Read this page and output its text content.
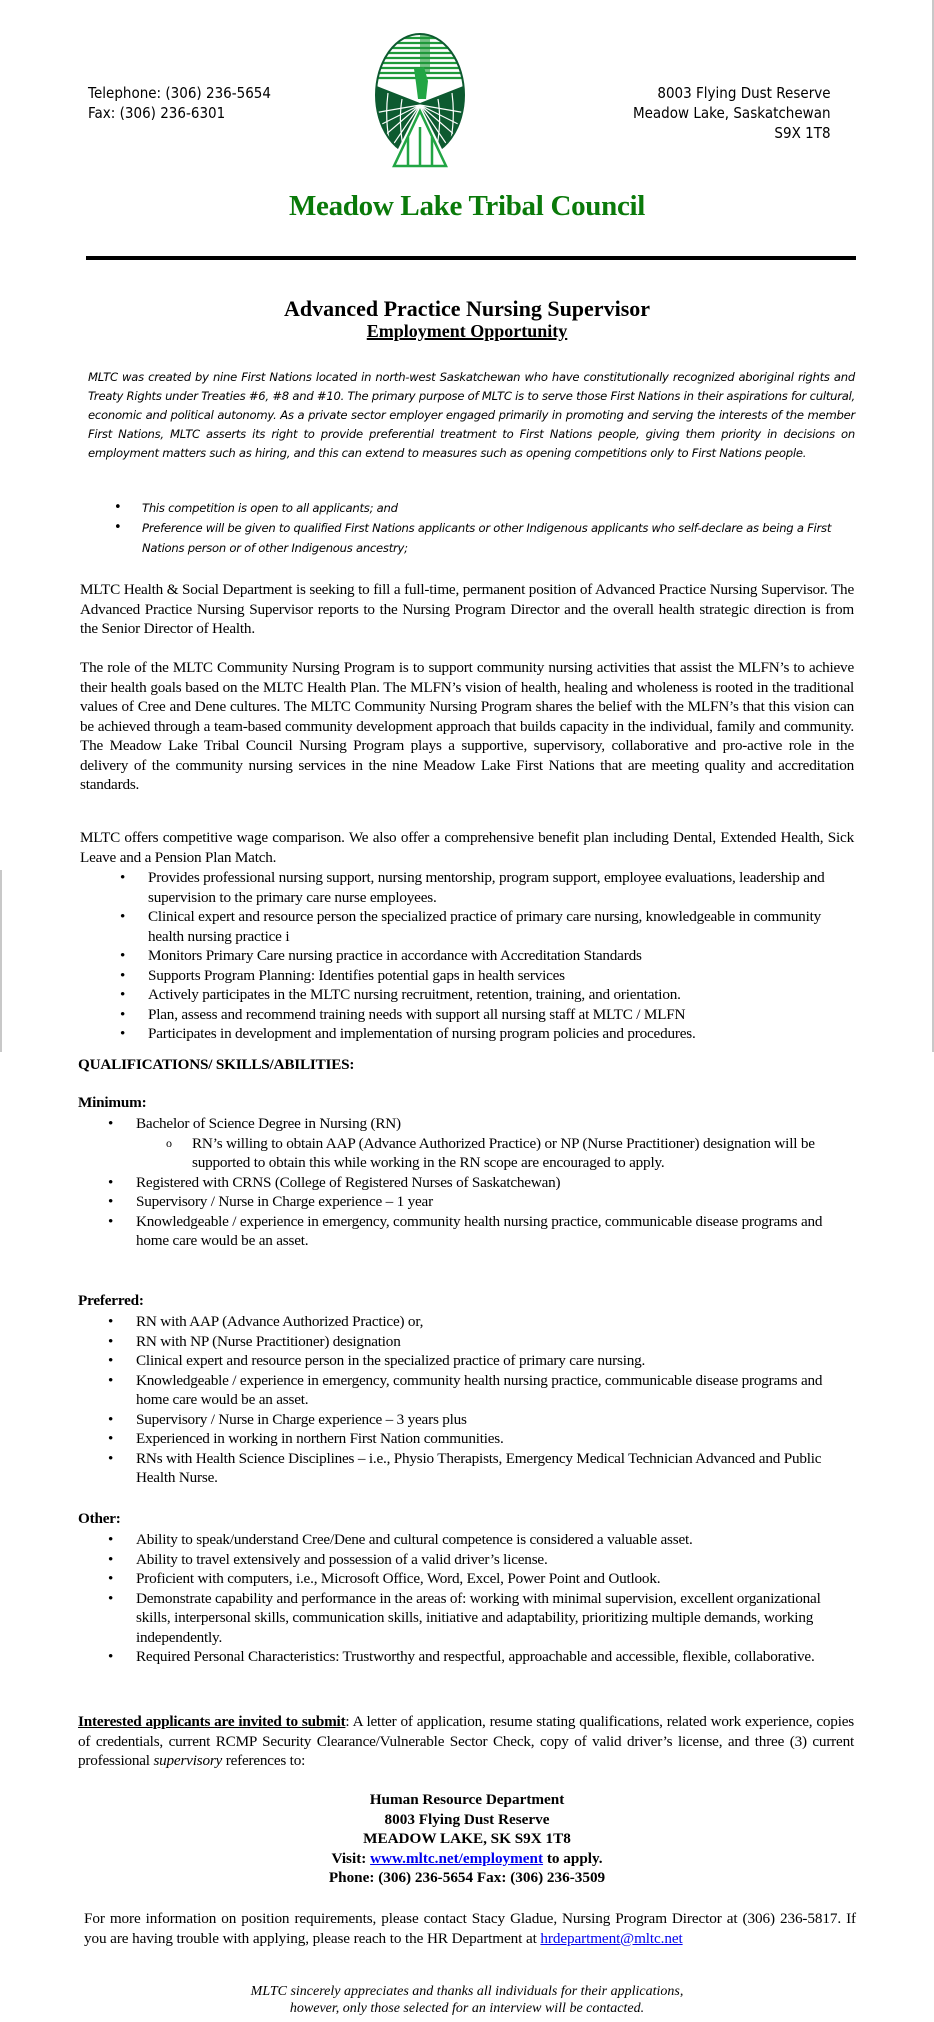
Telephone: (306) 236-5654
Fax: (306) 236-6301
8003 Flying Dust Reserve
Meadow Lake, Saskatchewan
S9X 1T8
Meadow Lake Tribal Council
Advanced Practice Nursing Supervisor
Employment Opportunity

MLTC was created by nine First Nations located in north-west Saskatchewan who have constitutionally recognized aboriginal rights and Treaty Rights under Treaties #6, #8 and #10. The primary purpose of MLTC is to serve those First Nations in their aspirations for cultural, economic and political autonomy. As a private sector employer engaged primarily in promoting and serving the interests of the member First Nations, MLTC asserts its right to provide preferential treatment to First Nations people, giving them priority in decisions on employment matters such as hiring, and this can extend to measures such as opening competitions only to First Nations people.

• This competition is open to all applicants; and
• Preference will be given to qualified First Nations applicants or other Indigenous applicants who self-declare as being a First Nations person or of other Indigenous ancestry;

MLTC Health & Social Department is seeking to fill a full-time, permanent position of Advanced Practice Nursing Supervisor. The Advanced Practice Nursing Supervisor reports to the Nursing Program Director and the overall health strategic direction is from the Senior Director of Health.

The role of the MLTC Community Nursing Program is to support community nursing activities that assist the MLFN’s to achieve their health goals based on the MLTC Health Plan. The MLFN’s vision of health, healing and wholeness is rooted in the traditional values of Cree and Dene cultures. The MLTC Community Nursing Program shares the belief with the MLFN’s that this vision can be achieved through a team-based community development approach that builds capacity in the individual, family and community. The Meadow Lake Tribal Council Nursing Program plays a supportive, supervisory, collaborative and pro-active role in the delivery of the community nursing services in the nine Meadow Lake First Nations that are meeting quality and accreditation standards.

MLTC offers competitive wage comparison. We also offer a comprehensive benefit plan including Dental, Extended Health, Sick Leave and a Pension Plan Match.

• Provides professional nursing support, nursing mentorship, program support, employee evaluations, leadership and supervision to the primary care nurse employees.
• Clinical expert and resource person the specialized practice of primary care nursing, knowledgeable in community health nursing practice i
• Monitors Primary Care nursing practice in accordance with Accreditation Standards
• Supports Program Planning: Identifies potential gaps in health services
• Actively participates in the MLTC nursing recruitment, retention, training, and orientation.
• Plan, assess and recommend training needs with support all nursing staff at MLTC / MLFN
• Participates in development and implementation of nursing program policies and procedures.
QUALIFICATIONS/ SKILLS/ABILITIES:
Minimum:
• Bachelor of Science Degree in Nursing (RN)
o RN’s willing to obtain AAP (Advance Authorized Practice) or NP (Nurse Practitioner) designation will be supported to obtain this while working in the RN scope are encouraged to apply.
• Registered with CRNS (College of Registered Nurses of Saskatchewan)
• Supervisory / Nurse in Charge experience – 1 year
• Knowledgeable / experience in emergency, community health nursing practice, communicable disease programs and home care would be an asset.
Preferred:
• RN with AAP (Advance Authorized Practice) or,
• RN with NP (Nurse Practitioner) designation
• Clinical expert and resource person in the specialized practice of primary care nursing.
• Knowledgeable / experience in emergency, community health nursing practice, communicable disease programs and home care would be an asset.
• Supervisory / Nurse in Charge experience – 3 years plus
• Experienced in working in northern First Nation communities.
• RNs with Health Science Disciplines – i.e., Physio Therapists, Emergency Medical Technician Advanced and Public Health Nurse.
Other:
• Ability to speak/understand Cree/Dene and cultural competence is considered a valuable asset.
• Ability to travel extensively and possession of a valid driver’s license.
• Proficient with computers, i.e., Microsoft Office, Word, Excel, Power Point and Outlook.
• Demonstrate capability and performance in the areas of: working with minimal supervision, excellent organizational skills, interpersonal skills, communication skills, initiative and adaptability, prioritizing multiple demands, working independently.
• Required Personal Characteristics: Trustworthy and respectful, approachable and accessible, flexible, collaborative.

Interested applicants are invited to submit: A letter of application, resume stating qualifications, related work experience, copies of credentials, current RCMP Security Clearance/Vulnerable Sector Check, copy of valid driver’s license, and three (3) current professional supervisory references to:

Human Resource Department
8003 Flying Dust Reserve
MEADOW LAKE, SK S9X 1T8
Visit: www.mltc.net/employment to apply.
Phone: (306) 236-5654 Fax: (306) 236-3509

For more information on position requirements, please contact Stacy Gladue, Nursing Program Director at (306) 236-5817. If you are having trouble with applying, please reach to the HR Department at hrdepartment@mltc.net

MLTC sincerely appreciates and thanks all individuals for their applications,
however, only those selected for an interview will be contacted.
